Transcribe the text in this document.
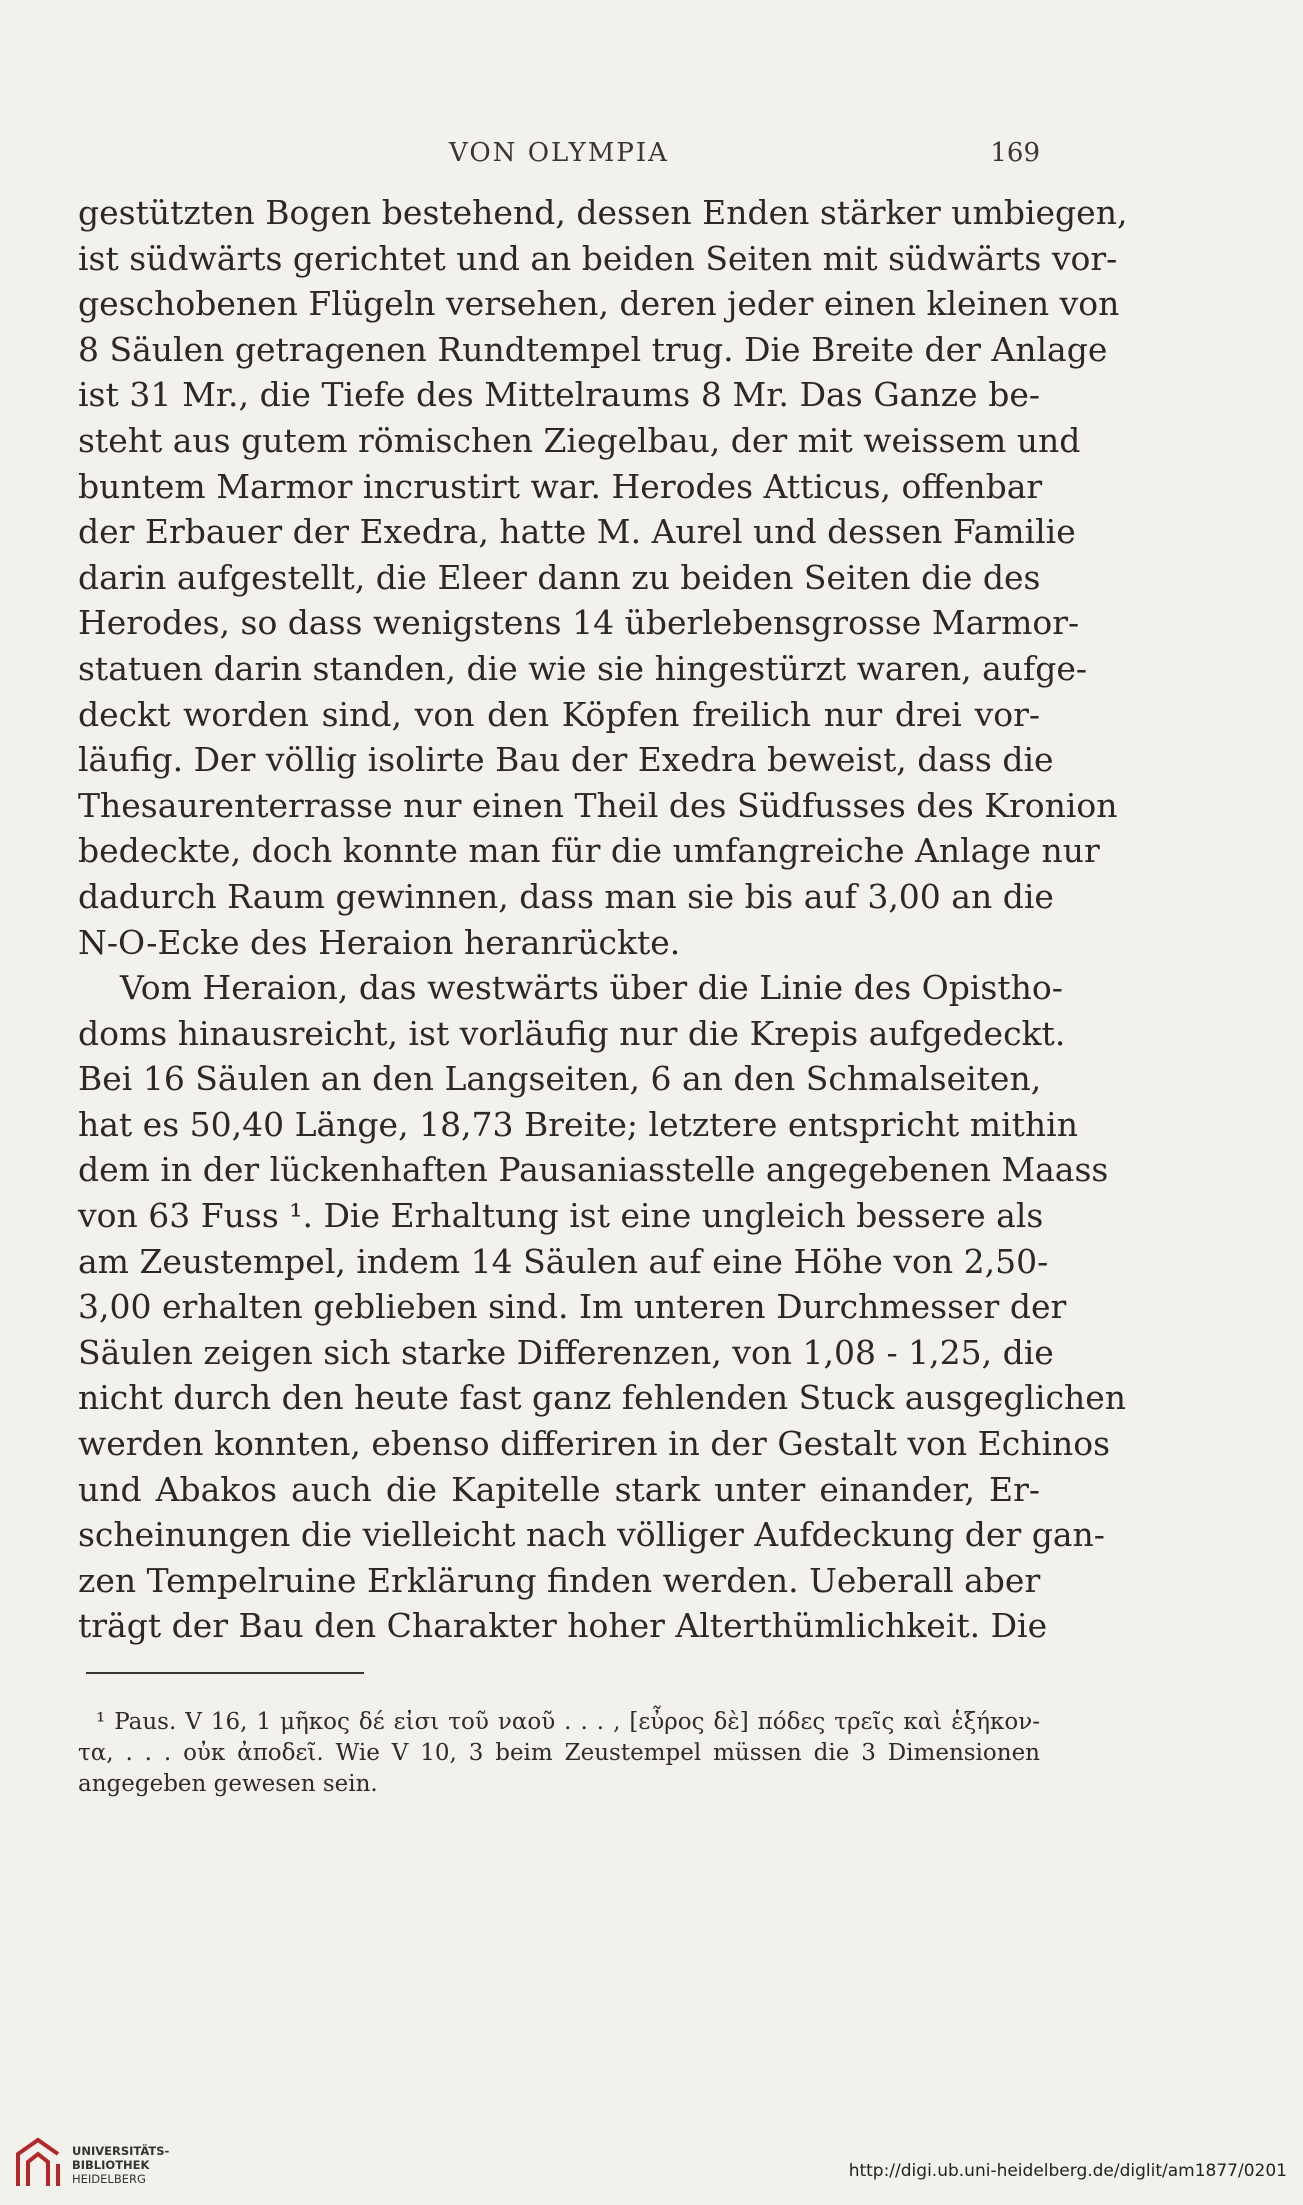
VON OLYMPIA	169
gestützten Bogen bestehend, dessen Enden stärker umbiegen,
ist südwärts gerichtet und an beiden Seiten mit südwärts vor-
geschobenen Flügeln versehen, deren jeder einen kleinen von
8 Säulen getragenen Rundtempel trug. Die Breite der Anlage
ist 31 Mr., die Tiefe des Mittelraums 8 Mr. Das Ganze be-
steht aus gutem römischen Ziegelbau, der mit weissem und
buntem Marmor incrustirt war. Herodes Atticus, offenbar
der Erbauer der Exedra, hatte M. Aurel und dessen Familie
darin aufgestellt, die Eleer dann zu beiden Seiten die des
Herodes, so dass wenigstens 14 überlebensgrosse Marmor-
statuen darin standen, die wie sie hingestürzt waren, aufge-
deckt worden sind, von den Köpfen freilich nur drei vor-
läufig. Der völlig isolirte Bau der Exedra beweist, dass die
Thesaurenterrasse nur einen Theil des Südfusses des Kronion
bedeckte, doch konnte man für die umfangreiche Anlage nur
dadurch Raum gewinnen, dass man sie bis auf 3,00 an die
N-O-Ecke des Heraion heranrückte.
Vom Heraion, das westwärts über die Linie des Opistho-
doms hinausreicht, ist vorläufig nur die Krepis aufgedeckt.
Bei 16 Säulen an den Langseiten, 6 an den Schmalseiten,
hat es 50,40 Länge, 18,73 Breite; letztere entspricht mithin
dem in der lückenhaften Pausaniasstelle angegebenen Maass
von 63 Fuss ¹. Die Erhaltung ist eine ungleich bessere als
am Zeustempel, indem 14 Säulen auf eine Höhe von 2,50-
3,00 erhalten geblieben sind. Im unteren Durchmesser der
Säulen zeigen sich starke Differenzen, von 1,08 - 1,25, die
nicht durch den heute fast ganz fehlenden Stuck ausgeglichen
werden konnten, ebenso differiren in der Gestalt von Echinos
und Abakos auch die Kapitelle stark unter einander, Er-
scheinungen die vielleicht nach völliger Aufdeckung der gan-
zen Tempelruine Erklärung finden werden. Ueberall aber
trägt der Bau den Charakter hoher Alterthümlichkeit. Die
¹ Paus. V 16, 1 μῆκος δέ εἰσι τοῦ ναοῦ . . . , [εὖρος δὲ] πόδες τρεῖς καὶ ἑξήκον-
τα, . . . οὐκ ἀποδεῖ. Wie V 10, 3 beim Zeustempel müssen die 3 Dimensionen
angegeben gewesen sein.
UNIVERSITÄTS-
BIBLIOTHEK
HEIDELBERG	http://digi.ub.uni-heidelberg.de/diglit/am1877/0201
